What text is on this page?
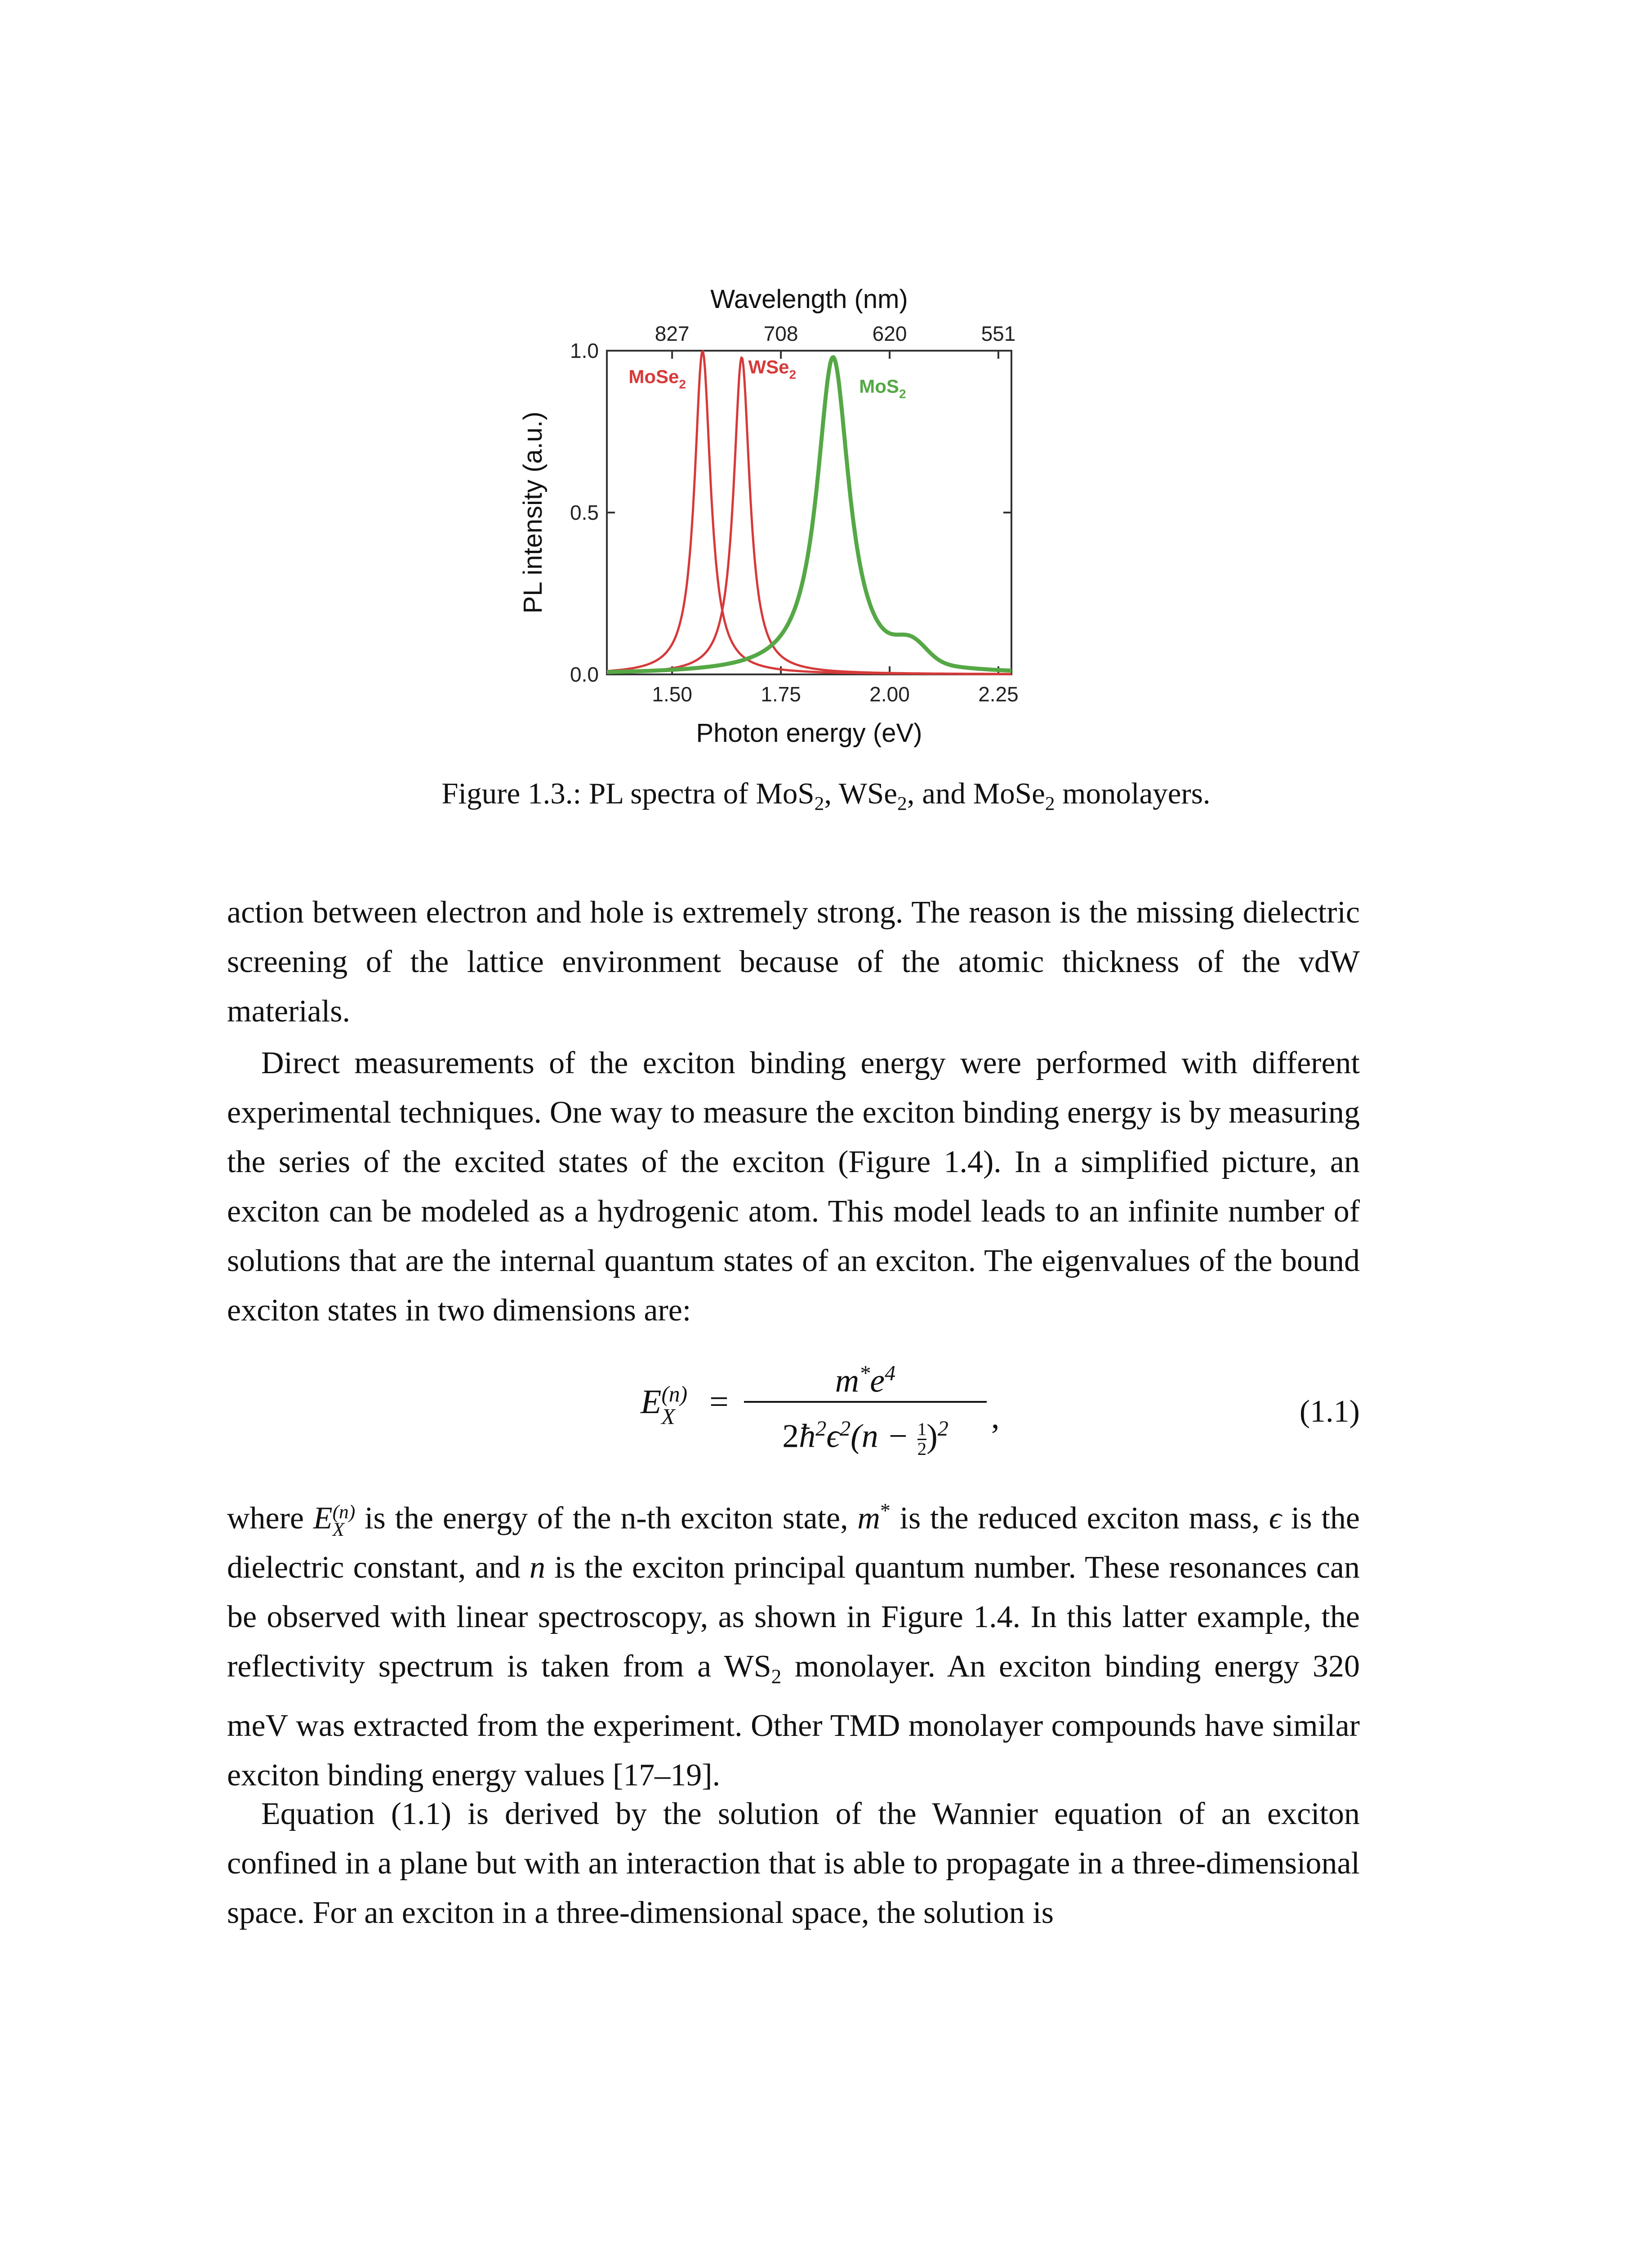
1.50	1.75	2.00	2.25
0.0
0.5
1.0
827	708	620	551
Photon energy (eV)
Wavelength (nm)
PL intensity (a.u.)
MoSe$_2$
WSe$_2$
MoS$_2$
Figure 1.3.: PL spectra of MoS$_2$, WSe$_2$, and MoSe$_2$ monolayers.

action between electron and hole is extremely strong. The reason is the missing dielectric screening of the lattice environment because of the atomic thickness of the vdW materials.

Direct measurements of the exciton binding energy were performed with different experimental techniques. One way to measure the exciton binding energy is by measuring the series of the excited states of the exciton (Figure 1.4). In a simplified picture, an exciton can be modeled as a hydrogenic atom. This model leads to an infinite number of solutions that are the internal quantum states of an exciton. The eigenvalues of the bound exciton states in two dimensions are:

E (n)
X	=
$m^*e^4$
$2ħ^2\epsilon^2(n - \frac{1}{2} )^2$	,	(1.1)

where E (n)
X is the energy of the n-th exciton state, m* is the reduced exciton mass, ϵ is the dielectric constant, and n is the exciton principal quantum number. These resonances can be observed with linear spectroscopy, as shown in Figure 1.4. In this latter example, the reflectivity spectrum is taken from a $WS_2$ monolayer. An exciton binding energy 320 meV was extracted from the experiment. Other TMD monolayer compounds have similar exciton binding energy values [17–19].

Equation (1.1) is derived by the solution of the Wannier equation of an exciton confined in a plane but with an interaction that is able to propagate in a three-dimensional space. For an exciton in a three-dimensional space, the solution is
